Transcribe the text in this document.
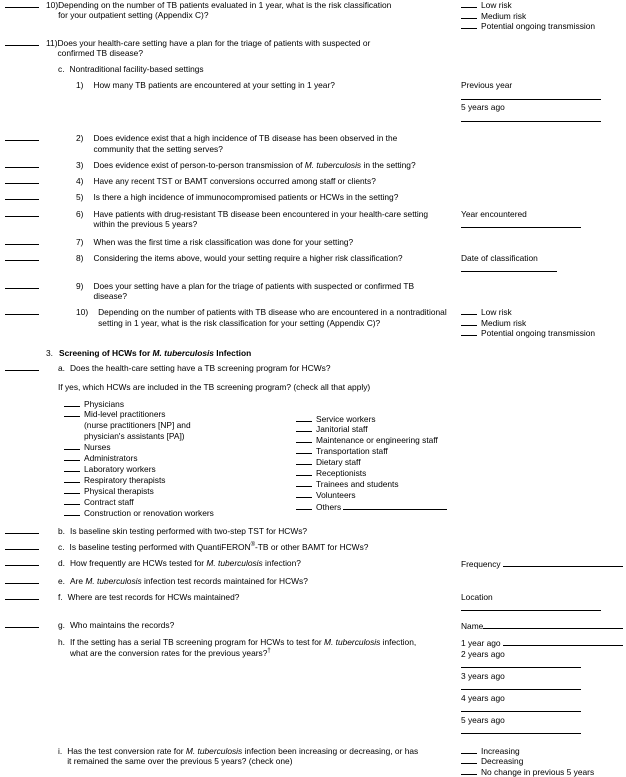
10) Depending on the number of TB patients evaluated in 1 year, what is the risk classification
for your outpatient setting (Appendix C)?
Low risk
Medium risk
Potential ongoing transmission
11) Does your health-care setting have a plan for the triage of patients with suspected or
confirmed TB disease?
c. Nontraditional facility-based settings
1)	How many TB patients are encountered at your setting in 1 year?	Previous year
5 years ago
2)	Does evidence exist that a high incidence of TB disease has been observed in the
community that the setting serves?
3)	Does evidence exist of person-to-person transmission of M. tuberculosis in the setting?
4)	Have any recent TST or BAMT conversions occurred among staff or clients?
5)	Is there a high incidence of immunocompromised patients or HCWs in the setting?
6)	Have patients with drug-resistant TB disease been encountered in your health-care setting
within the previous 5 years?
Year encountered
7)	When was the first time a risk classification was done for your setting?
8)	Considering the items above, would your setting require a higher risk classification?	Date of classification
9)	Does your setting have a plan for the triage of patients with suspected or confirmed TB
disease?
10)	Depending on the number of patients with TB disease who are encountered in a nontraditional
setting in 1 year, what is the risk classification for your setting (Appendix C)?
Low risk
Medium risk
Potential ongoing transmission
3. Screening of HCWs for M. tuberculosis Infection
a. Does the health-care setting have a TB screening program for HCWs?
If yes, which HCWs are included in the TB screening program? (check all that apply)
Physicians
Mid-level practitioners
(nurse practitioners [NP] and
physician's assistants [PA])
Nurses
Administrators
Laboratory workers
Respiratory therapists
Physical therapists
Contract staff
Construction or renovation workers
Service workers
Janitorial staff
Maintenance or engineering staff
Transportation staff
Dietary staff
Receptionists
Trainees and students
Volunteers
Others
b. Is baseline skin testing performed with two-step TST for HCWs?
c. Is baseline testing performed with QuantiFERON®-TB or other BAMT for HCWs?
d. How frequently are HCWs tested for M. tuberculosis infection?	Frequency
e. Are M. tuberculosis infection test records maintained for HCWs?
f. Where are test records for HCWs maintained?	Location
g. Who maintains the records?	Name
h. If the setting has a serial TB screening program for HCWs to test for M. tuberculosis infection,
what are the conversion rates for the previous years?†
1 year ago
2 years ago
3 years ago
4 years ago
5 years ago
i. Has the test conversion rate for M. tuberculosis infection been increasing or decreasing, or has
it remained the same over the previous 5 years? (check one)
Increasing
Decreasing
No change in previous 5 years
